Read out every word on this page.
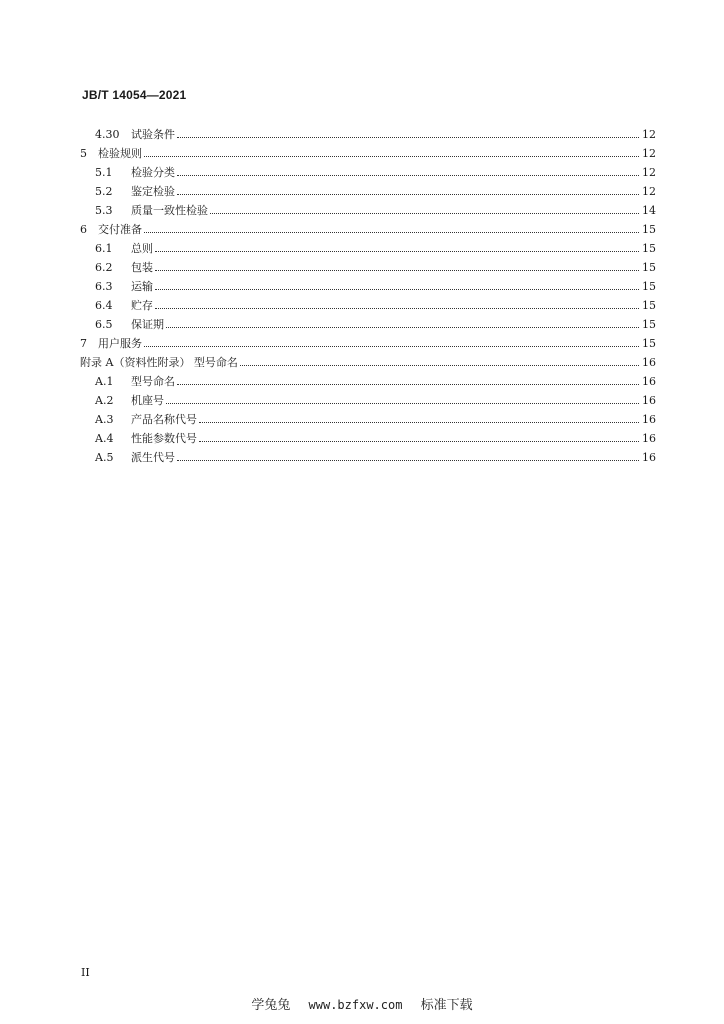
JB/T 14054—2021
4.30	试验条件	12
5	检验规则	12
5.1	检验分类	12
5.2	鉴定检验	12
5.3	质量一致性检验	14
6	交付准备	15
6.1	总则	15
6.2	包装	15
6.3	运输	15
6.4	贮存	15
6.5	保证期	15
7	用户服务	15
附录 A（资料性附录） 型号命名	16
A.1	型号命名	16
A.2	机座号	16
A.3	产品名称代号	16
A.4	性能参数代号	16
A.5	派生代号	16
II
学兔兔 www.bzfxw.com 标准下载
